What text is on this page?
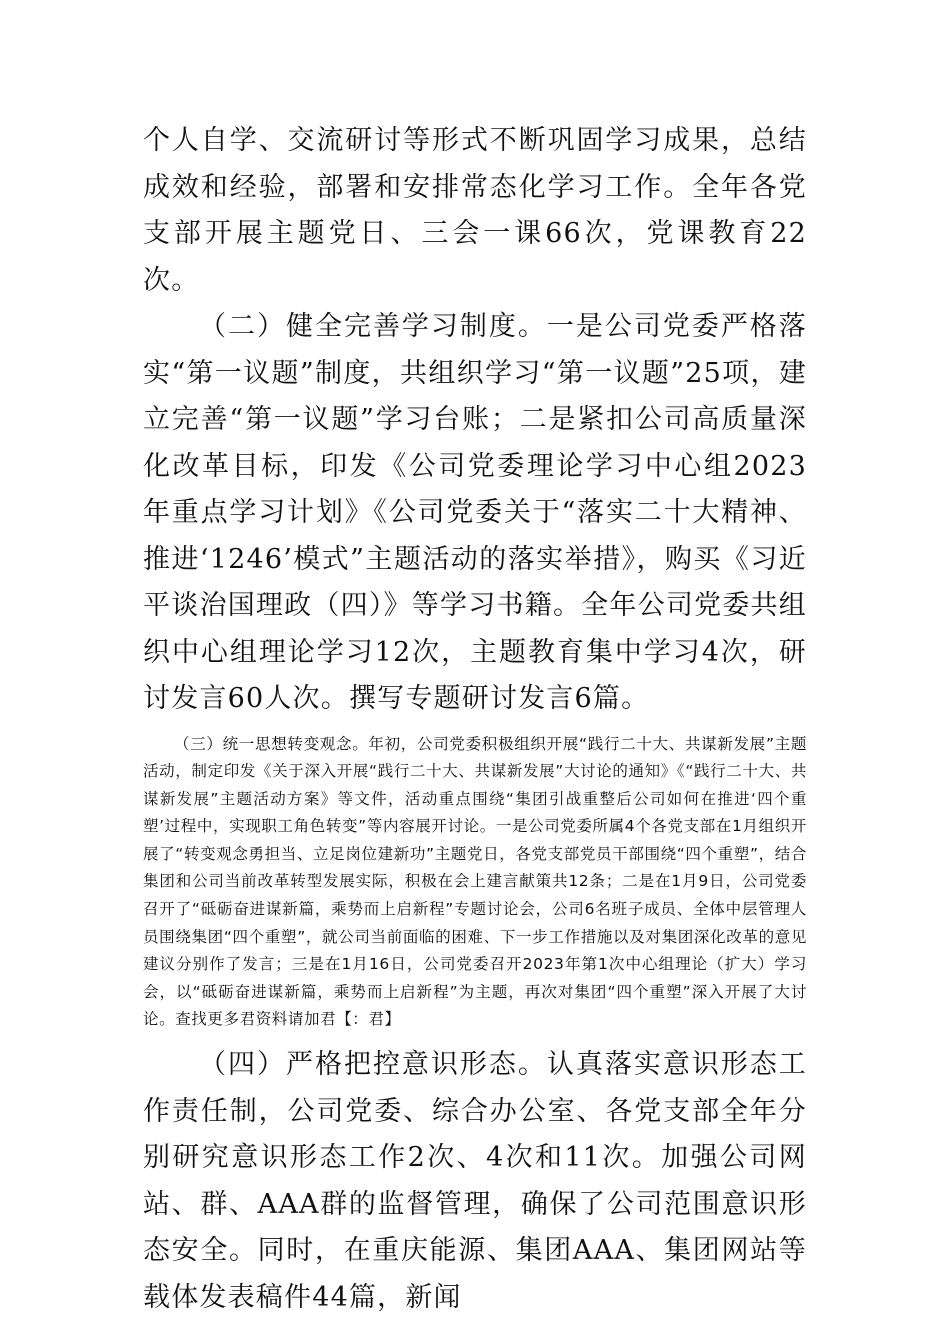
个人自学、交流研讨等形式不断巩固学习成果，总结成效和经验，部署和安排常态化学习工作。全年各党支部开展主题党日、三会一课66次，党课教育22次。

（二）健全完善学习制度。一是公司党委严格落实“第一议题”制度，共组织学习“第一议题”25项，建立完善“第一议题”学习台账；二是紧扣公司高质量深化改革目标，印发《公司党委理论学习中心组2023年重点学习计划》《公司党委关于“落实二十大精神、推进‘1246’模式”主题活动的落实举措》，购买《习近平谈治国理政（四）》等学习书籍。全年公司党委共组织中心组理论学习12次，主题教育集中学习4次，研讨发言60人次。撰写专题研讨发言6篇。

（三）统一思想转变观念。年初，公司党委积极组织开展“践行二十大、共谋新发展”主题活动，制定印发《关于深入开展“践行二十大、共谋新发展”大讨论的通知》《“践行二十大、共谋新发展”主题活动方案》等文件，活动重点围绕“集团引战重整后公司如何在推进‘四个重塑’过程中，实现职工角色转变”等内容展开讨论。一是公司党委所属4个各党支部在1月组织开展了“转变观念勇担当、立足岗位建新功”主题党日，各党支部党员干部围绕“四个重塑”，结合集团和公司当前改革转型发展实际，积极在会上建言献策共12条；二是在1月9日，公司党委召开了“砥砺奋进谋新篇，乘势而上启新程”专题讨论会，公司6名班子成员、全体中层管理人员围绕集团“四个重塑”，就公司当前面临的困难、下一步工作措施以及对集团深化改革的意见建议分别作了发言；三是在1月16日，公司党委召开2023年第1次中心组理论（扩大）学习会，以“砥砺奋进谋新篇，乘势而上启新程”为主题，再次对集团“四个重塑”深入开展了大讨论。查找更多君资料请加君【：君】

（四）严格把控意识形态。认真落实意识形态工作责任制，公司党委、综合办公室、各党支部全年分别研究意识形态工作2次、4次和11次。加强公司网站、群、AAA群的监督管理，确保了公司范围意识形态安全。同时，在重庆能源、集团AAA、集团网站等载体发表稿件44篇，新闻
